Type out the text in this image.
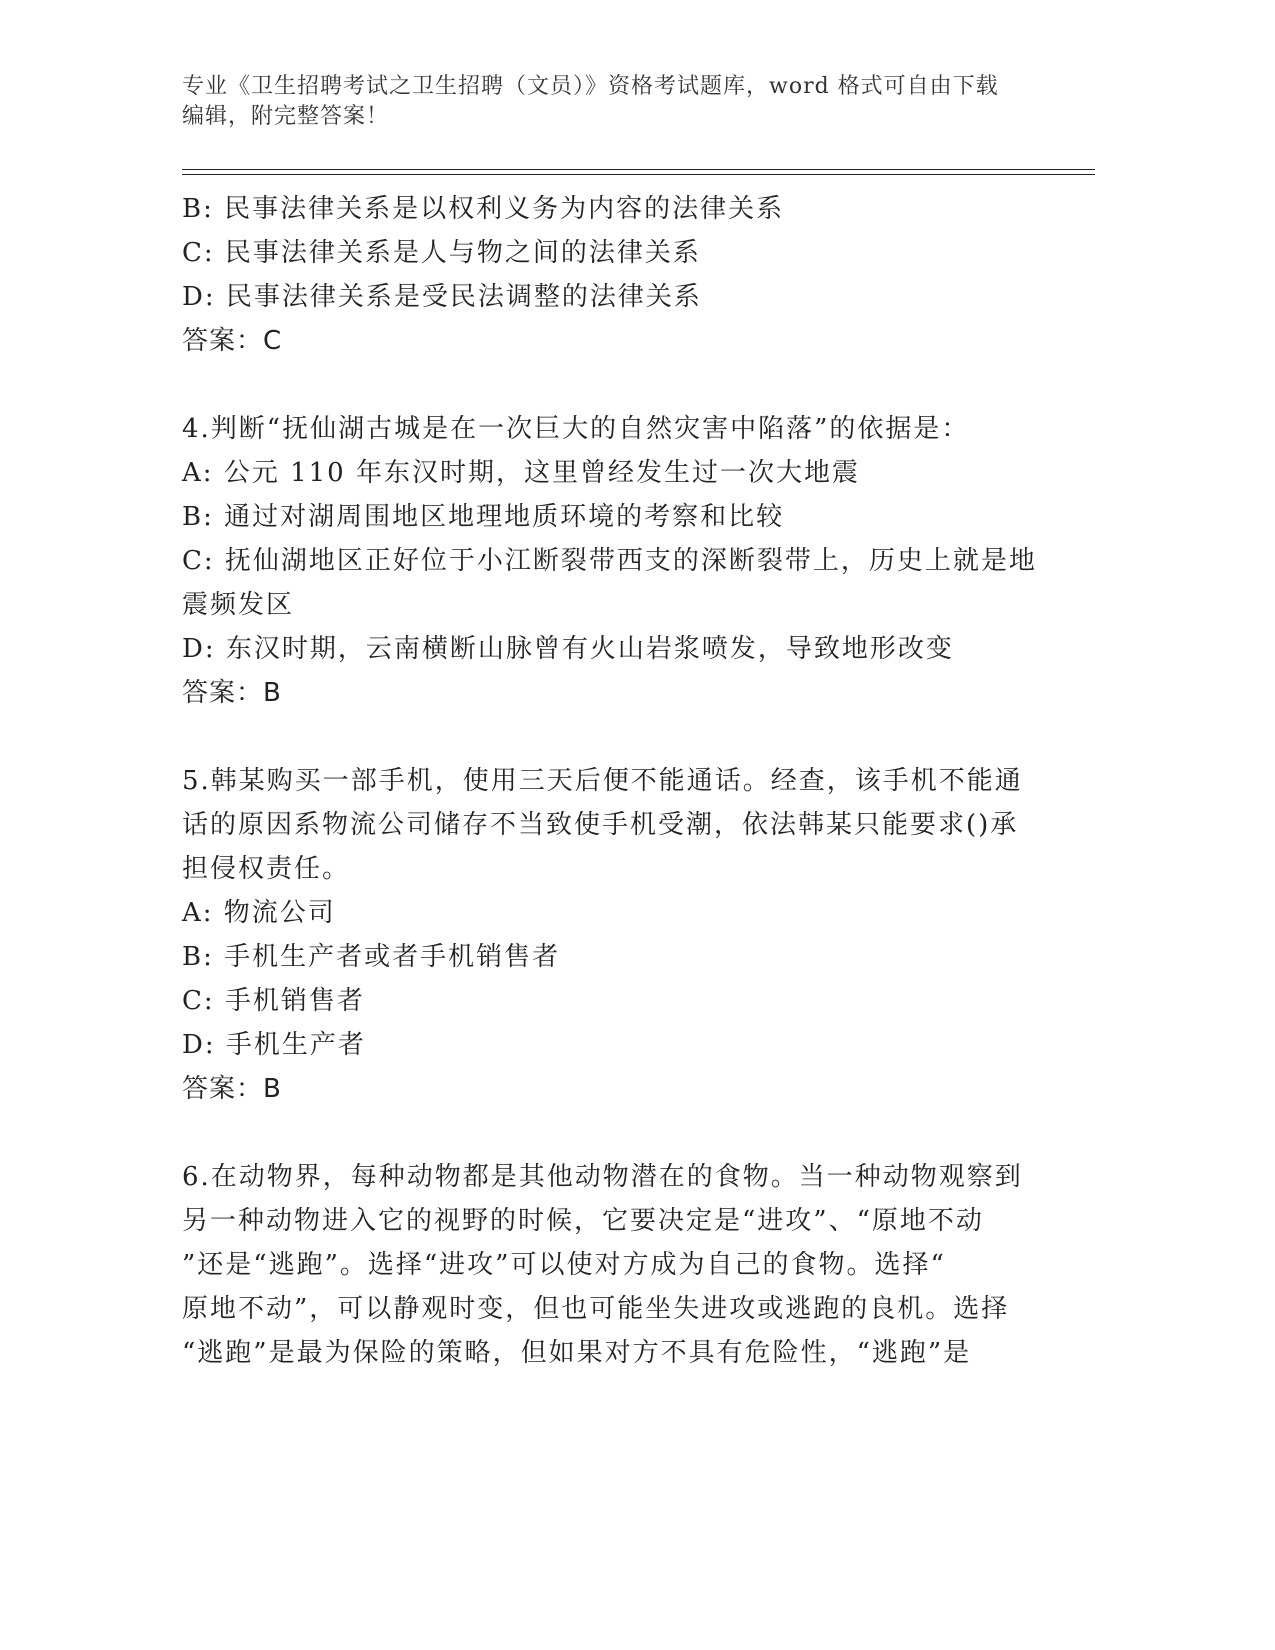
专业《卫生招聘考试之卫生招聘（文员）》资格考试题库，word 格式可自由下载
编辑，附完整答案！
B: 民事法律关系是以权利义务为内容的法律关系
C: 民事法律关系是人与物之间的法律关系
D: 民事法律关系是受民法调整的法律关系
答案：C
4.判断“抚仙湖古城是在一次巨大的自然灾害中陷落”的依据是：
A: 公元 110 年东汉时期，这里曾经发生过一次大地震
B: 通过对湖周围地区地理地质环境的考察和比较
C: 抚仙湖地区正好位于小江断裂带西支的深断裂带上，历史上就是地
震频发区
D: 东汉时期，云南横断山脉曾有火山岩浆喷发，导致地形改变
答案：B
5.韩某购买一部手机，使用三天后便不能通话。经查，该手机不能通
话的原因系物流公司储存不当致使手机受潮，依法韩某只能要求()承
担侵权责任。
A: 物流公司
B: 手机生产者或者手机销售者
C: 手机销售者
D: 手机生产者
答案：B
6.在动物界，每种动物都是其他动物潜在的食物。当一种动物观察到
另一种动物进入它的视野的时候，它要决定是“进攻”、“原地不动
”还是“逃跑”。选择“进攻”可以使对方成为自己的食物。选择“
原地不动”，可以静观时变，但也可能坐失进攻或逃跑的良机。选择
“逃跑”是最为保险的策略，但如果对方不具有危险性，“逃跑”是
